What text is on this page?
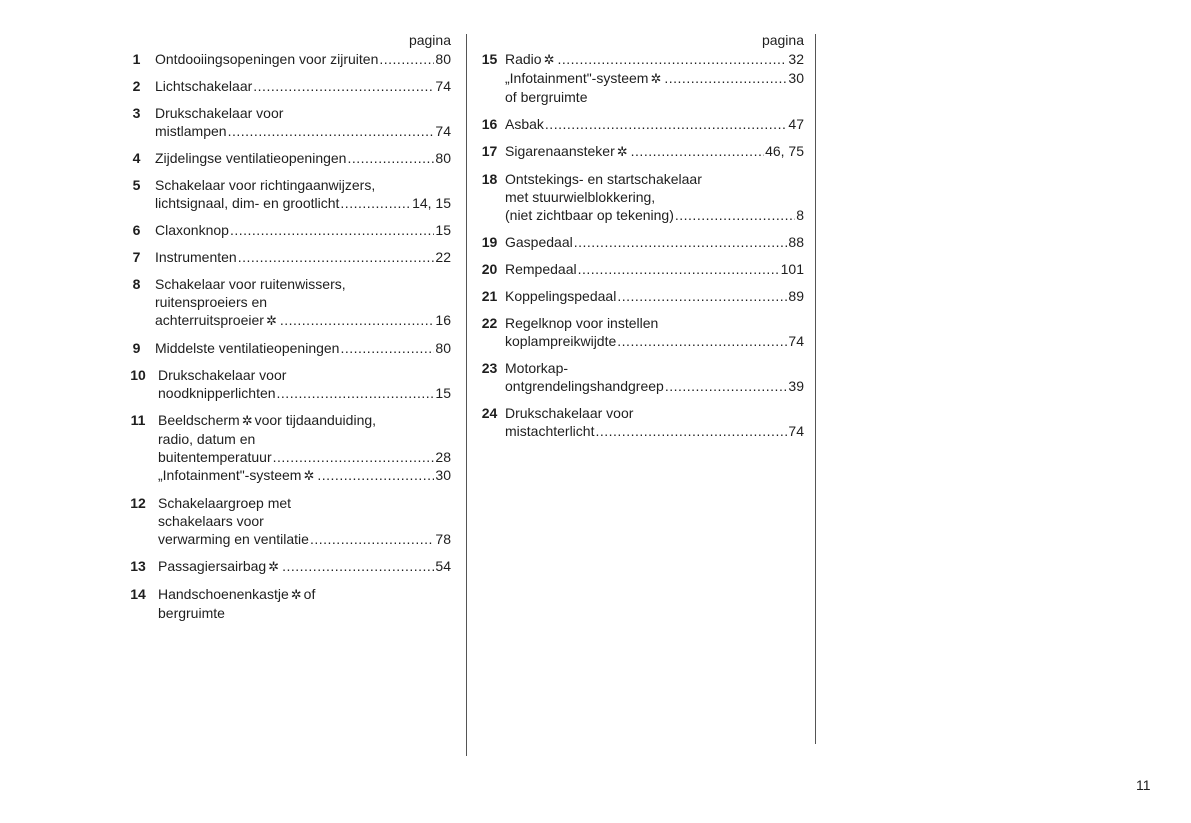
pagina
1	Ontdooiingsopeningen voor zijruiten .....	80
2	Lichtschakelaar .....	74
3	Drukschakelaar voor
mistlampen .....	74
4	Zijdelingse ventilatieopeningen .....	80
5	Schakelaar voor richtingaanwijzers,
lichtsignaal, dim- en grootlicht .....	14, 15
6	Claxonknop .....	15
7	Instrumenten .....	22
8	Schakelaar voor ruitenwissers,
ruitensproeiers en
achterruitsproeier ✲ .....	16
9	Middelste ventilatieopeningen .....	80
10 Drukschakelaar voor
noodknipperlichten .....	15
11 Beeldscherm ✲ voor tijdaanduiding,
radio, datum en
buitentemperatuur .....	28
„Infotainment"-systeem ✲ .....	30
12 Schakelaargroep met
schakelaars voor
verwarming en ventilatie .....	78
13 Passagiersairbag ✲ .....	54
14 Handschoenenkastje ✲ of
bergruimte
pagina
15 Radio ✲ .....	32
„Infotainment"-systeem ✲ .....	30
of bergruimte
16 Asbak .....	47
17 Sigarenaansteker ✲ .....	46, 75
18 Ontstekings- en startschakelaar
met stuurwielblokkering,
(niet zichtbaar op tekening) .....	8
19 Gaspedaal .....	88
20 Rempedaal .....	101
21 Koppelingspedaal .....	89
22 Regelknop voor instellen
koplampreikwijdte .....	74
23 Motorkap-
ontgrendelingshandgreep .....	39
24 Drukschakelaar voor
mistachterlicht .....	74
11
